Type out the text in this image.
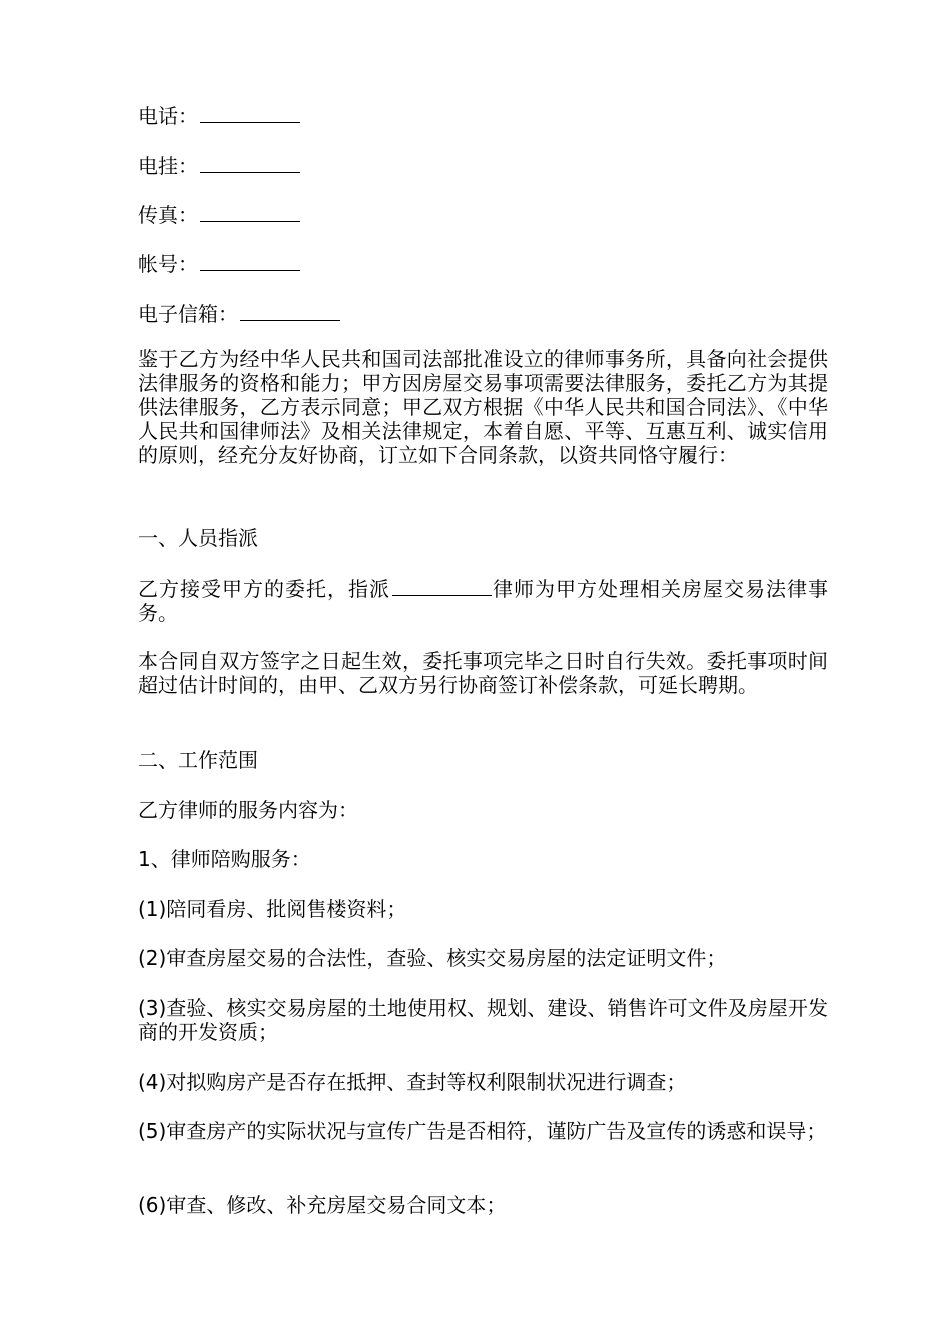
电话：
电挂：
传真：
帐号：
电子信箱：
鉴于乙方为经中华人民共和国司法部批准设立的律师事务所，具备向社会提供法律服务的资格和能力；甲方因房屋交易事项需要法律服务，委托乙方为其提供法律服务，乙方表示同意；甲乙双方根据《中华人民共和国合同法》、《中华人民共和国律师法》及相关法律规定，本着自愿、平等、互惠互利、诚实信用的原则，经充分友好协商，订立如下合同条款，以资共同恪守履行：
一、人员指派
乙方接受甲方的委托，指派	律师为甲方处理相关房屋交易法律事务。
本合同自双方签字之日起生效，委托事项完毕之日时自行失效。委托事项时间超过估计时间的，由甲、乙双方另行协商签订补偿条款，可延长聘期。
二、工作范围
乙方律师的服务内容为：
1、律师陪购服务：
(1)陪同看房、批阅售楼资料；
(2)审查房屋交易的合法性，查验、核实交易房屋的法定证明文件；
(3)查验、核实交易房屋的土地使用权、规划、建设、销售许可文件及房屋开发商的开发资质；
(4)对拟购房产是否存在抵押、查封等权利限制状况进行调查；
(5)审查房产的实际状况与宣传广告是否相符，谨防广告及宣传的诱惑和误导；
(6)审查、修改、补充房屋交易合同文本；
